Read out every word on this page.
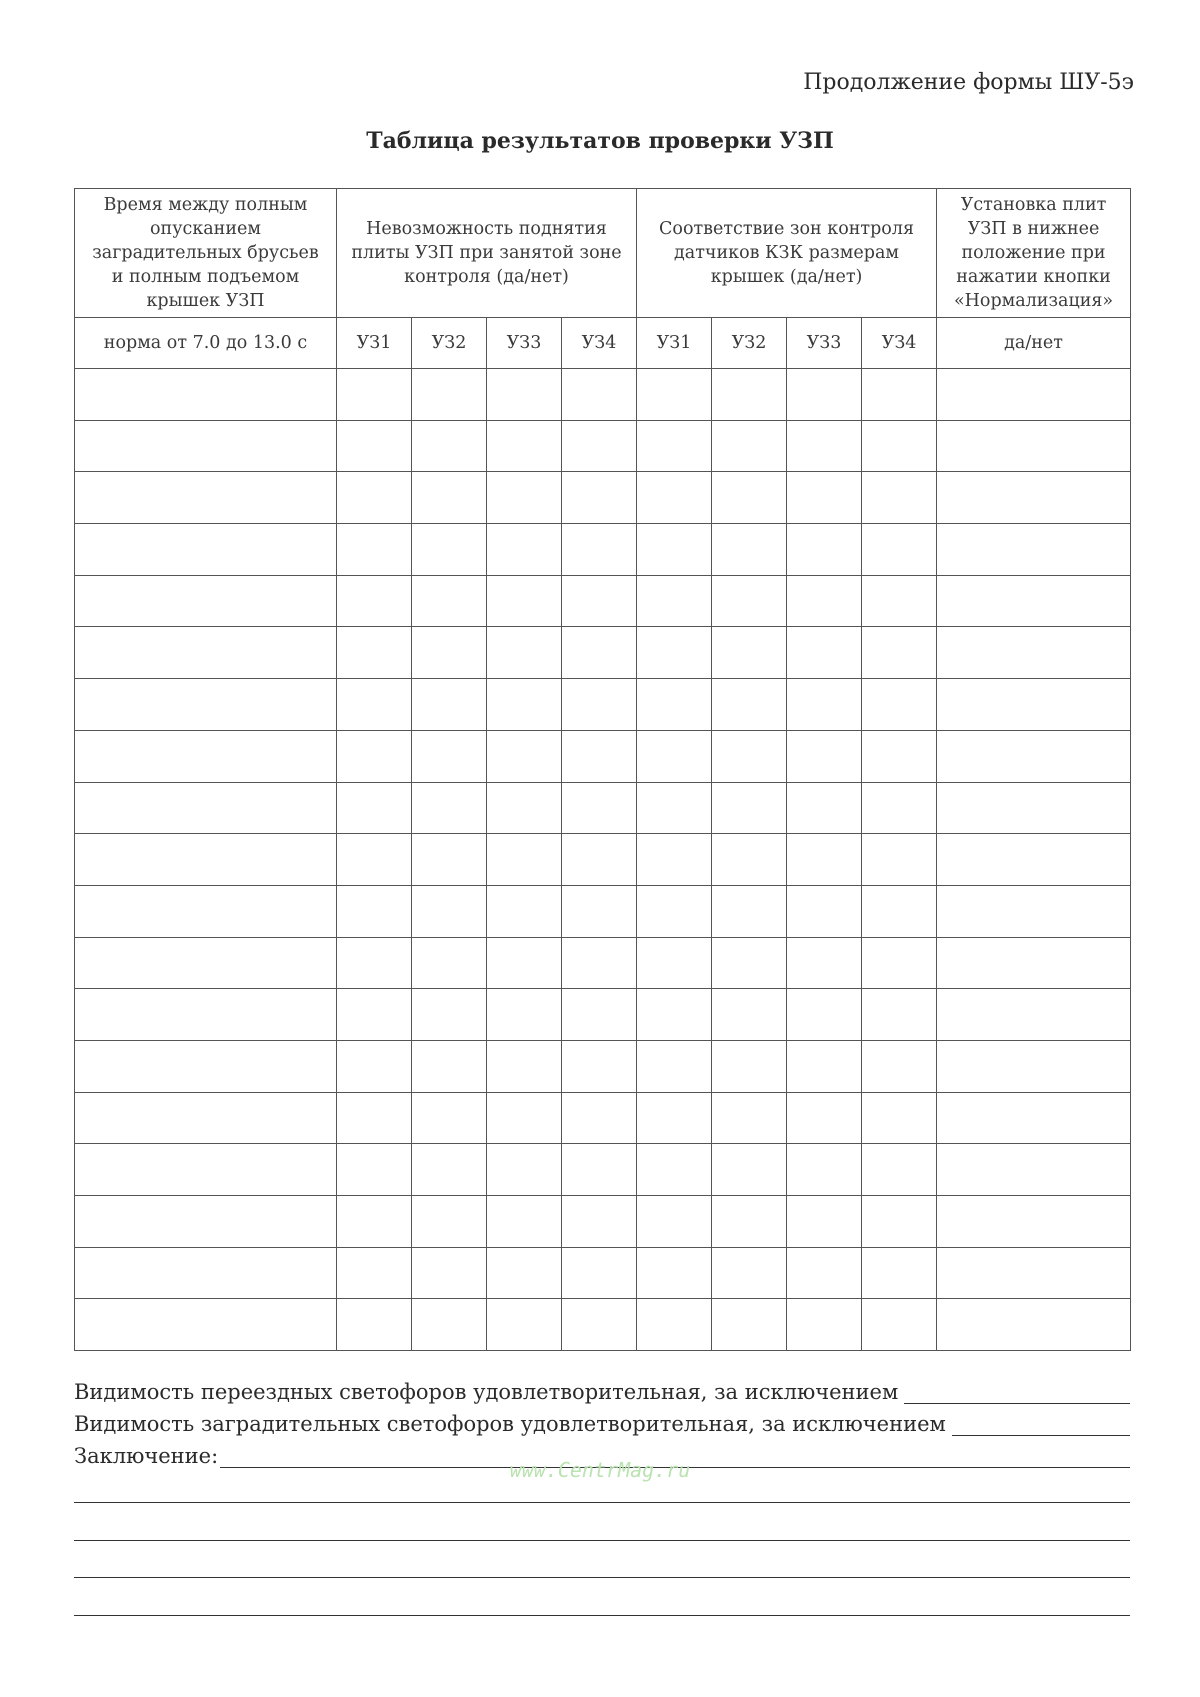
Продолжение формы ШУ-5э
Таблица результатов проверки УЗП
Время между полным опусканием заградительных брусьев и полным подъемом крышек УЗП	Невозможность поднятия плиты УЗП при занятой зоне контроля (да/нет)				Соответствие зон контроля датчиков КЗК размерам крышек (да/нет)				Установка плит УЗП в нижнее положение при нажатии кнопки «Нормализация»

норма от 7.0 до 13.0 с	УЗ1	УЗ2	УЗ3	УЗ4	УЗ1	УЗ2	УЗ3	УЗ4	да/нет

Видимость переездных светофоров удовлетворительная, за исключением
Видимость заградительных светофоров удовлетворительная, за исключением
Заключение:
www.CentrMag.ru
